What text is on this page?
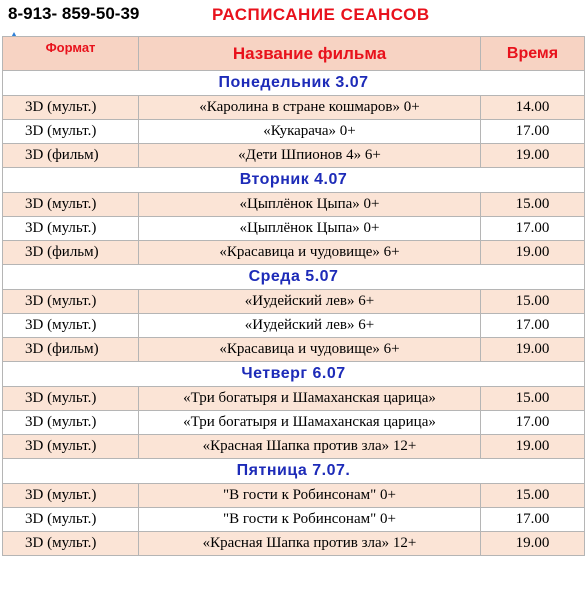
8-913- 859-50-39	РАСПИСАНИЕ СЕАНСОВ
Формат	Название фильма	Время
Понедельник 3.07		
3D (мульт.)	«Каролина в стране кошмаров» 0+	14.00
3D (мульт.)	«Кукарача» 0+	17.00
3D (фильм)	«Дети Шпионов 4» 6+	19.00
Вторник 4.07		
3D (мульт.)	«Цыплёнок Цыпа» 0+	15.00
3D (мульт.)	«Цыплёнок Цыпа» 0+	17.00
3D (фильм)	«Красавица и чудовище» 6+	19.00
Среда 5.07		
3D (мульт.)	«Иудейский лев» 6+	15.00
3D (мульт.)	«Иудейский лев» 6+	17.00
3D (фильм)	«Красавица и чудовище» 6+	19.00
Четверг 6.07		
3D (мульт.)	«Три богатыря и Шамаханская царица»	15.00
3D (мульт.)	«Три богатыря и Шамаханская царица»	17.00
3D (мульт.)	«Красная Шапка против зла» 12+	19.00
Пятница 7.07.		
3D (мульт.)	"В гости к Робинсонам" 0+	15.00
3D (мульт.)	"В гости к Робинсонам" 0+	17.00
3D (мульт.)	«Красная Шапка против зла» 12+	19.00
